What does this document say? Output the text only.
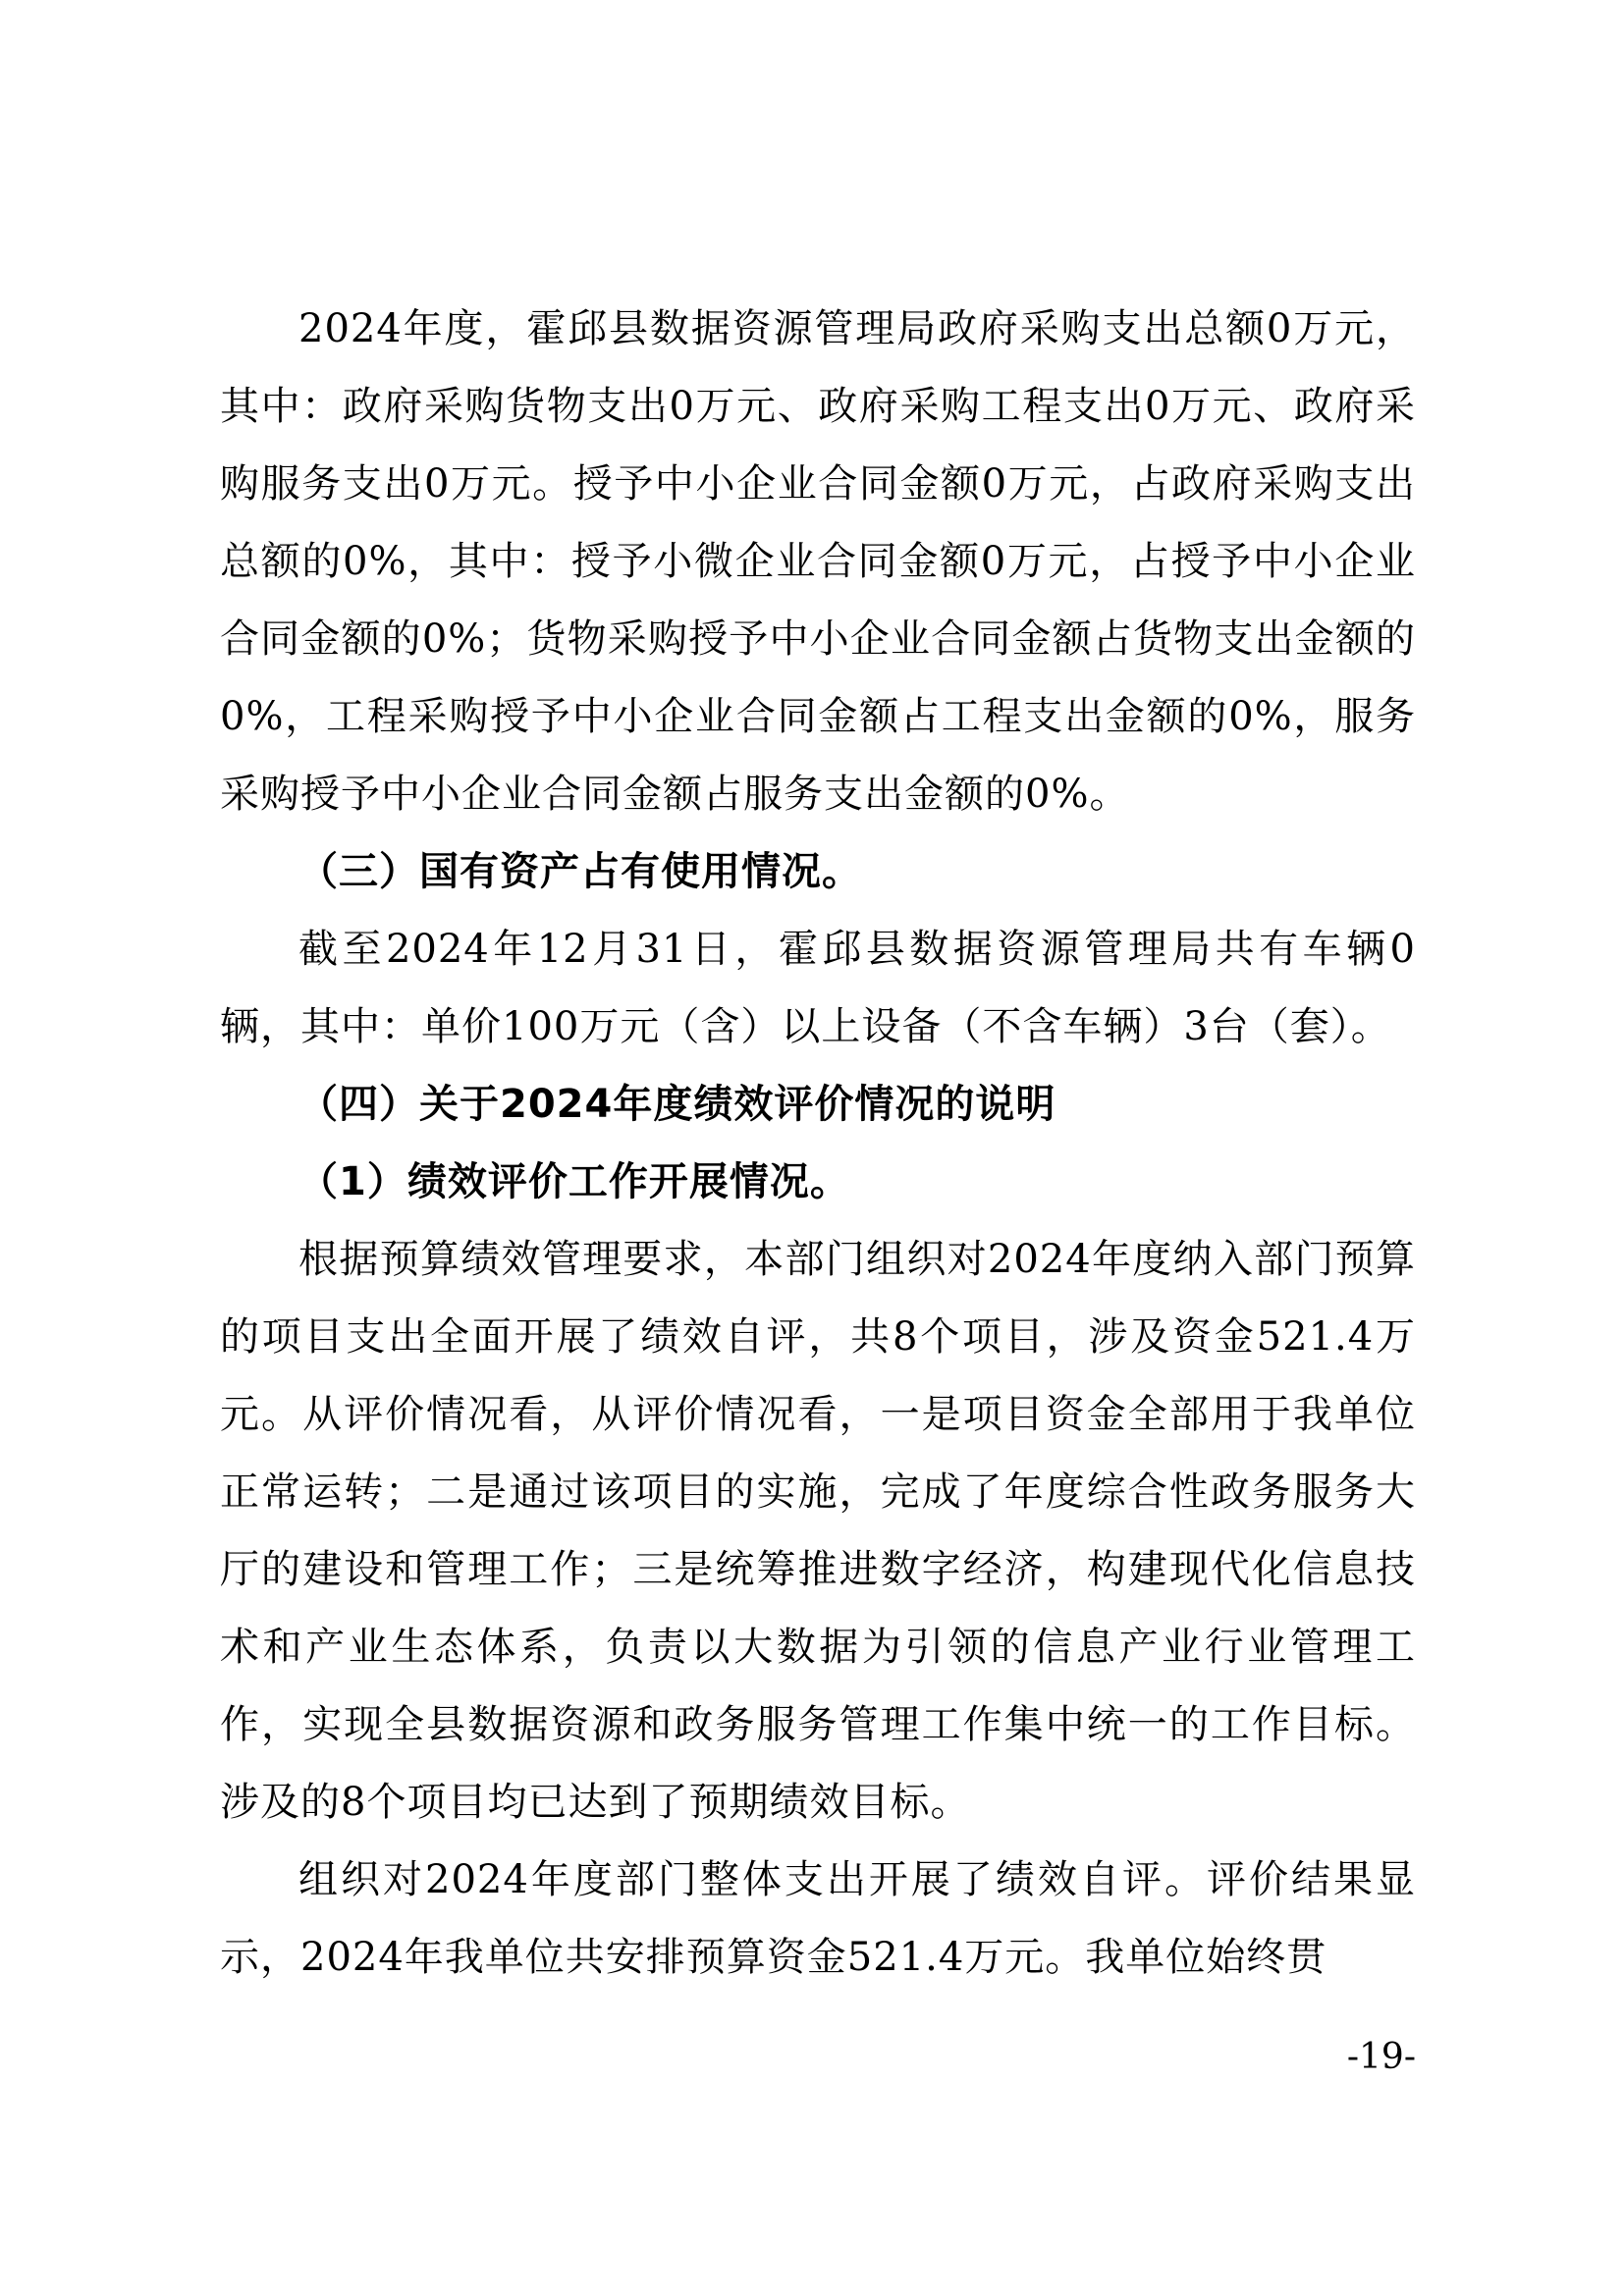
2024年度，霍邱县数据资源管理局政府采购支出总额0万元，其中：政府采购货物支出0万元、政府采购工程支出0万元、政府采购服务支出0万元。授予中小企业合同金额0万元，占政府采购支出总额的0%，其中：授予小微企业合同金额0万元，占授予中小企业合同金额的0%；货物采购授予中小企业合同金额占货物支出金额的0%，工程采购授予中小企业合同金额占工程支出金额的0%，服务采购授予中小企业合同金额占服务支出金额的0%。

（三）国有资产占有使用情况。

截至2024年12月31日，霍邱县数据资源管理局共有车辆0辆，其中：单价100万元（含）以上设备（不含车辆）3台（套）。

（四）关于2024年度绩效评价情况的说明

（1）绩效评价工作开展情况。

根据预算绩效管理要求，本部门组织对2024年度纳入部门预算的项目支出全面开展了绩效自评，共8个项目，涉及资金521.4万元。从评价情况看，从评价情况看，一是项目资金全部用于我单位正常运转；二是通过该项目的实施，完成了年度综合性政务服务大厅的建设和管理工作；三是统筹推进数字经济，构建现代化信息技术和产业生态体系，负责以大数据为引领的信息产业行业管理工作，实现全县数据资源和政务服务管理工作集中统一的工作目标。涉及的8个项目均已达到了预期绩效目标。

组织对2024年度部门整体支出开展了绩效自评。评价结果显示，2024年我单位共安排预算资金521.4万元。我单位始终贯

-19-
